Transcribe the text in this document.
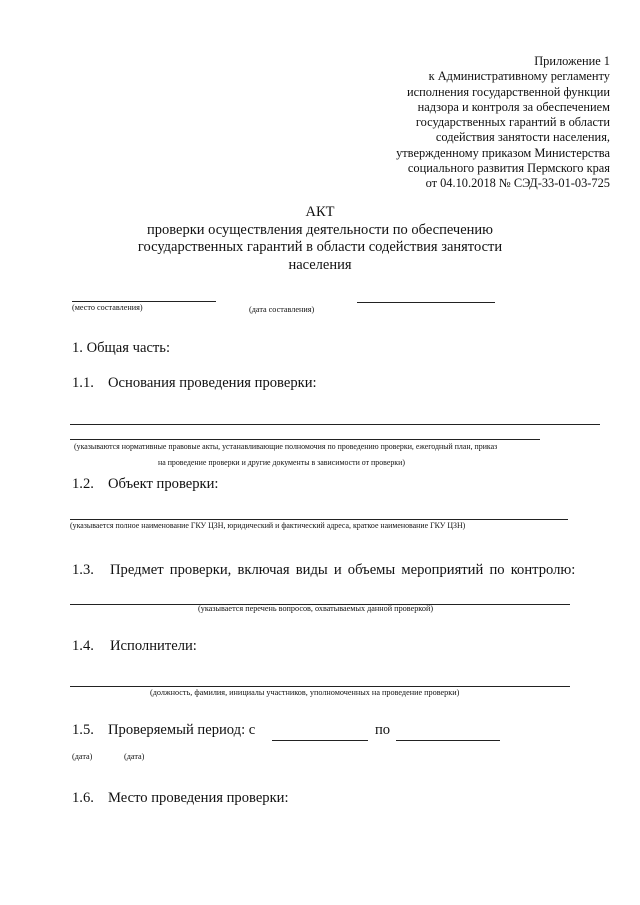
Приложение 1
к Административному регламенту
исполнения государственной функции
надзора и контроля за обеспечением
государственных гарантий в области
содействия занятости населения,
утвержденному приказом Министерства
социального развития Пермского края
от 04.10.2018 № СЭД-33-01-03-725
АКТ
проверки осуществления деятельности по обеспечению
государственных гарантий в области содействия занятости
населения
(место составления)	(дата составления)
1. Общая часть:
1.1. Основания проведения проверки:
(указываются нормативные правовые акты, устанавливающие полномочия по проведению проверки, ежегодный план, приказ
на проведение проверки и другие документы в зависимости от проверки)
1.2. Объект проверки:
(указывается полное наименование ГКУ ЦЗН, юридический и фактический адреса, краткое наименование ГКУ ЦЗН)
1.3. Предмет проверки, включая виды и объемы мероприятий по контролю:
(указывается перечень вопросов, охватываемых данной проверкой)
1.4. Исполнители:
(должность, фамилия, инициалы участников, уполномоченных на проведение проверки)
1.5. Проверяемый период: с	по
(дата)	(дата)
1.6. Место проведения проверки:
